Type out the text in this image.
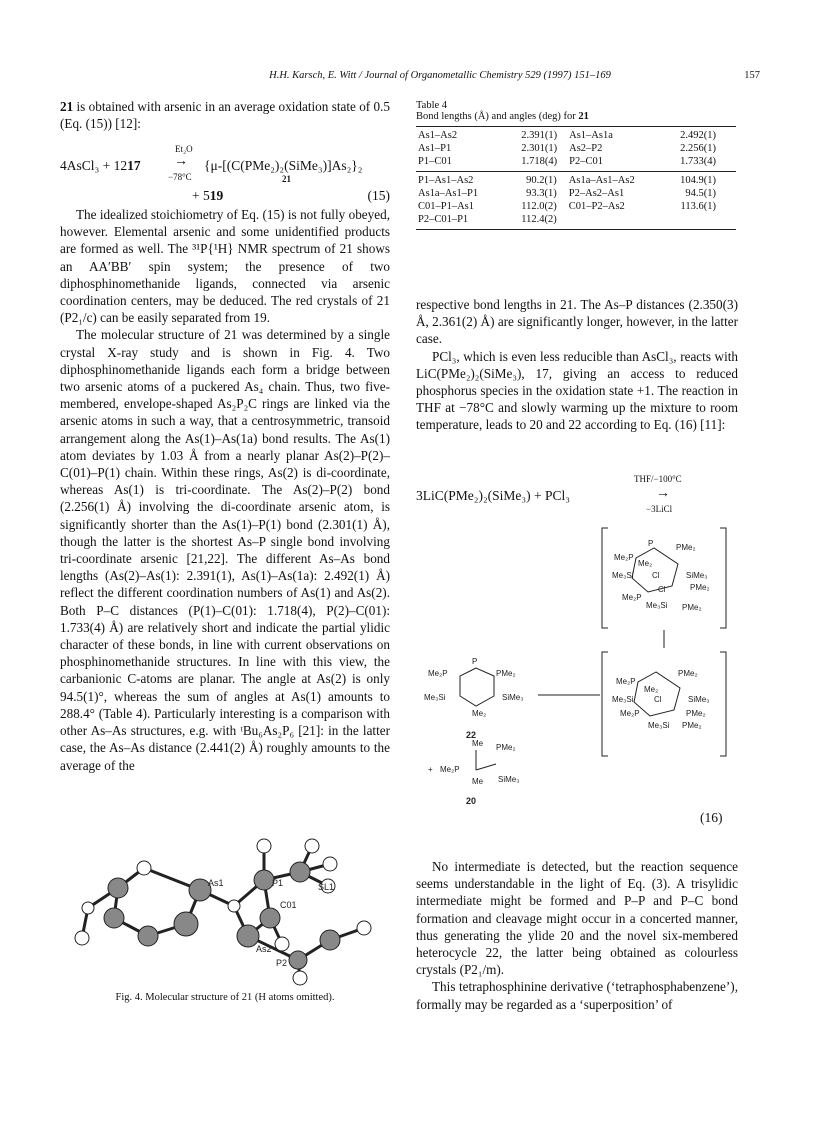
H.H. Karsch, E. Witt / Journal of Organometallic Chemistry 529 (1997) 151–169	157

21 is obtained with arsenic in an average oxidation state of 0.5 (Eq. (15)) [12]:

Et₂O
4AsCl₃ + 1217 →
−78°C
{μ-[(C(PMe₂)₂(SiMe₃)]As₂}₂
21
+ 519	(15)

The idealized stoichiometry of Eq. (15) is not fully obeyed, however. Elemental arsenic and some unidentified products are formed as well. The ³¹P{¹H} NMR spectrum of 21 shows an AA′BB′ spin system; the presence of two diphosphinomethanide ligands, connected via arsenic coordination centers, may be deduced. The red crystals of 21 (P2₁/c) can be easily separated from 19.

The molecular structure of 21 was determined by a single crystal X-ray study and is shown in Fig. 4. Two diphosphinomethanide ligands each form a bridge between two arsenic atoms of a puckered As₄ chain. Thus, two five-membered, envelope-shaped As₂P₂C rings are linked via the arsenic atoms in such a way, that a centrosymmetric, transoid arrangement along the As(1)–As(1a) bond results. The As(1) atom deviates by 1.03 Å from a nearly planar As(2)–P(2)–C(01)–P(1) chain. Within these rings, As(2) is di-coordinate, whereas As(1) is tri-coordinate. The As(2)–P(2) bond (2.256(1) Å) involving the di-coordinate arsenic atom, is significantly shorter than the As(1)–P(1) bond (2.301(1) Å), though the latter is the shortest As–P single bond involving tri-coordinate arsenic [21,22]. The different As–As bond lengths (As(2)–As(1): 2.391(1), As(1)–As(1a): 2.492(1) Å) reflect the different coordination numbers of As(1) and As(2). Both P–C distances (P(1)–C(01): 1.718(4), P(2)–C(01): 1.733(4) Å) are relatively short and indicate the partial ylidic character of these bonds, in line with current observations on phosphinomethanide structures. In line with this view, the carbanionic C-atoms are planar. The angle at As(2) is only 94.5(1)°, whereas the sum of angles at As(1) amounts to 288.4° (Table 4). Particularly interesting is a comparison with other As–As structures, e.g. with ᵗBu₆As₂P₆ [21]: in the latter case, the As–As distance (2.441(2) Å) roughly amounts to the average of the

As1	P1	SL1
C01
As2
P2
Fig. 4. Molecular structure of 21 (H atoms omitted).
Table 4
Bond lengths (Å) and angles (deg) for 21
As1–As2	2.391(1)	As1–As1a	2.492(1)
As1–P1	2.301(1)	As2–P2	2.256(1)
P1–C01	1.718(4)	P2–C01	1.733(4)
P1–As1–As2	90.2(1)	As1a–As1–As2	104.9(1)
As1a–As1–P1	93.3(1)	P2–As2–As1	94.5(1)
C01–P1–As1	112.0(2)	C01–P2–As2	113.6(1)
P2–C01–P1	112.4(2)		

respective bond lengths in 21. The As–P distances (2.350(3) Å, 2.361(2) Å) are significantly longer, however, in the latter case.

PCl₃, which is even less reducible than AsCl₃, reacts with LiC(PMe₂)₂(SiMe₃), 17, giving an access to reduced phosphorus species in the oxidation state +1. The reaction in THF at −78°C and slowly warming up the mixture to room temperature, leads to 20 and 22 according to Eq. (16) [11]:

THF/−100°C
3LiC(PMe₂)₂(SiMe₃) + PCl₃	→
−3LiCl
P	PMe₂
Me₂P
Me₂
Me₃Si Cl	SiMe₃
Cl	PMe₂
Me₂P
Me₃Si PMe₂
PMe₂
Me₂P
Me₂
Me₃Si	Cl	SiMe₃
Me₂P	PMe₂
Me₃Si PMe₂
P
Me₂P	PMe₂
Me₃Si	SiMe₃
Me₂
Me PMe₂
+ Me₂P
Me SiMe₃
22
20
(16)

No intermediate is detected, but the reaction sequence seems understandable in the light of Eq. (3). A trisylidic intermediate might be formed and P–P and P–C bond formation and cleavage might occur in a concerted manner, thus generating the ylide 20 and the novel six-membered heterocycle 22, the latter being obtained as colourless crystals (P2₁/m).

This tetraphosphinine derivative (‘tetraphosphabenzene’), formally may be regarded as a ‘superposition’ of
